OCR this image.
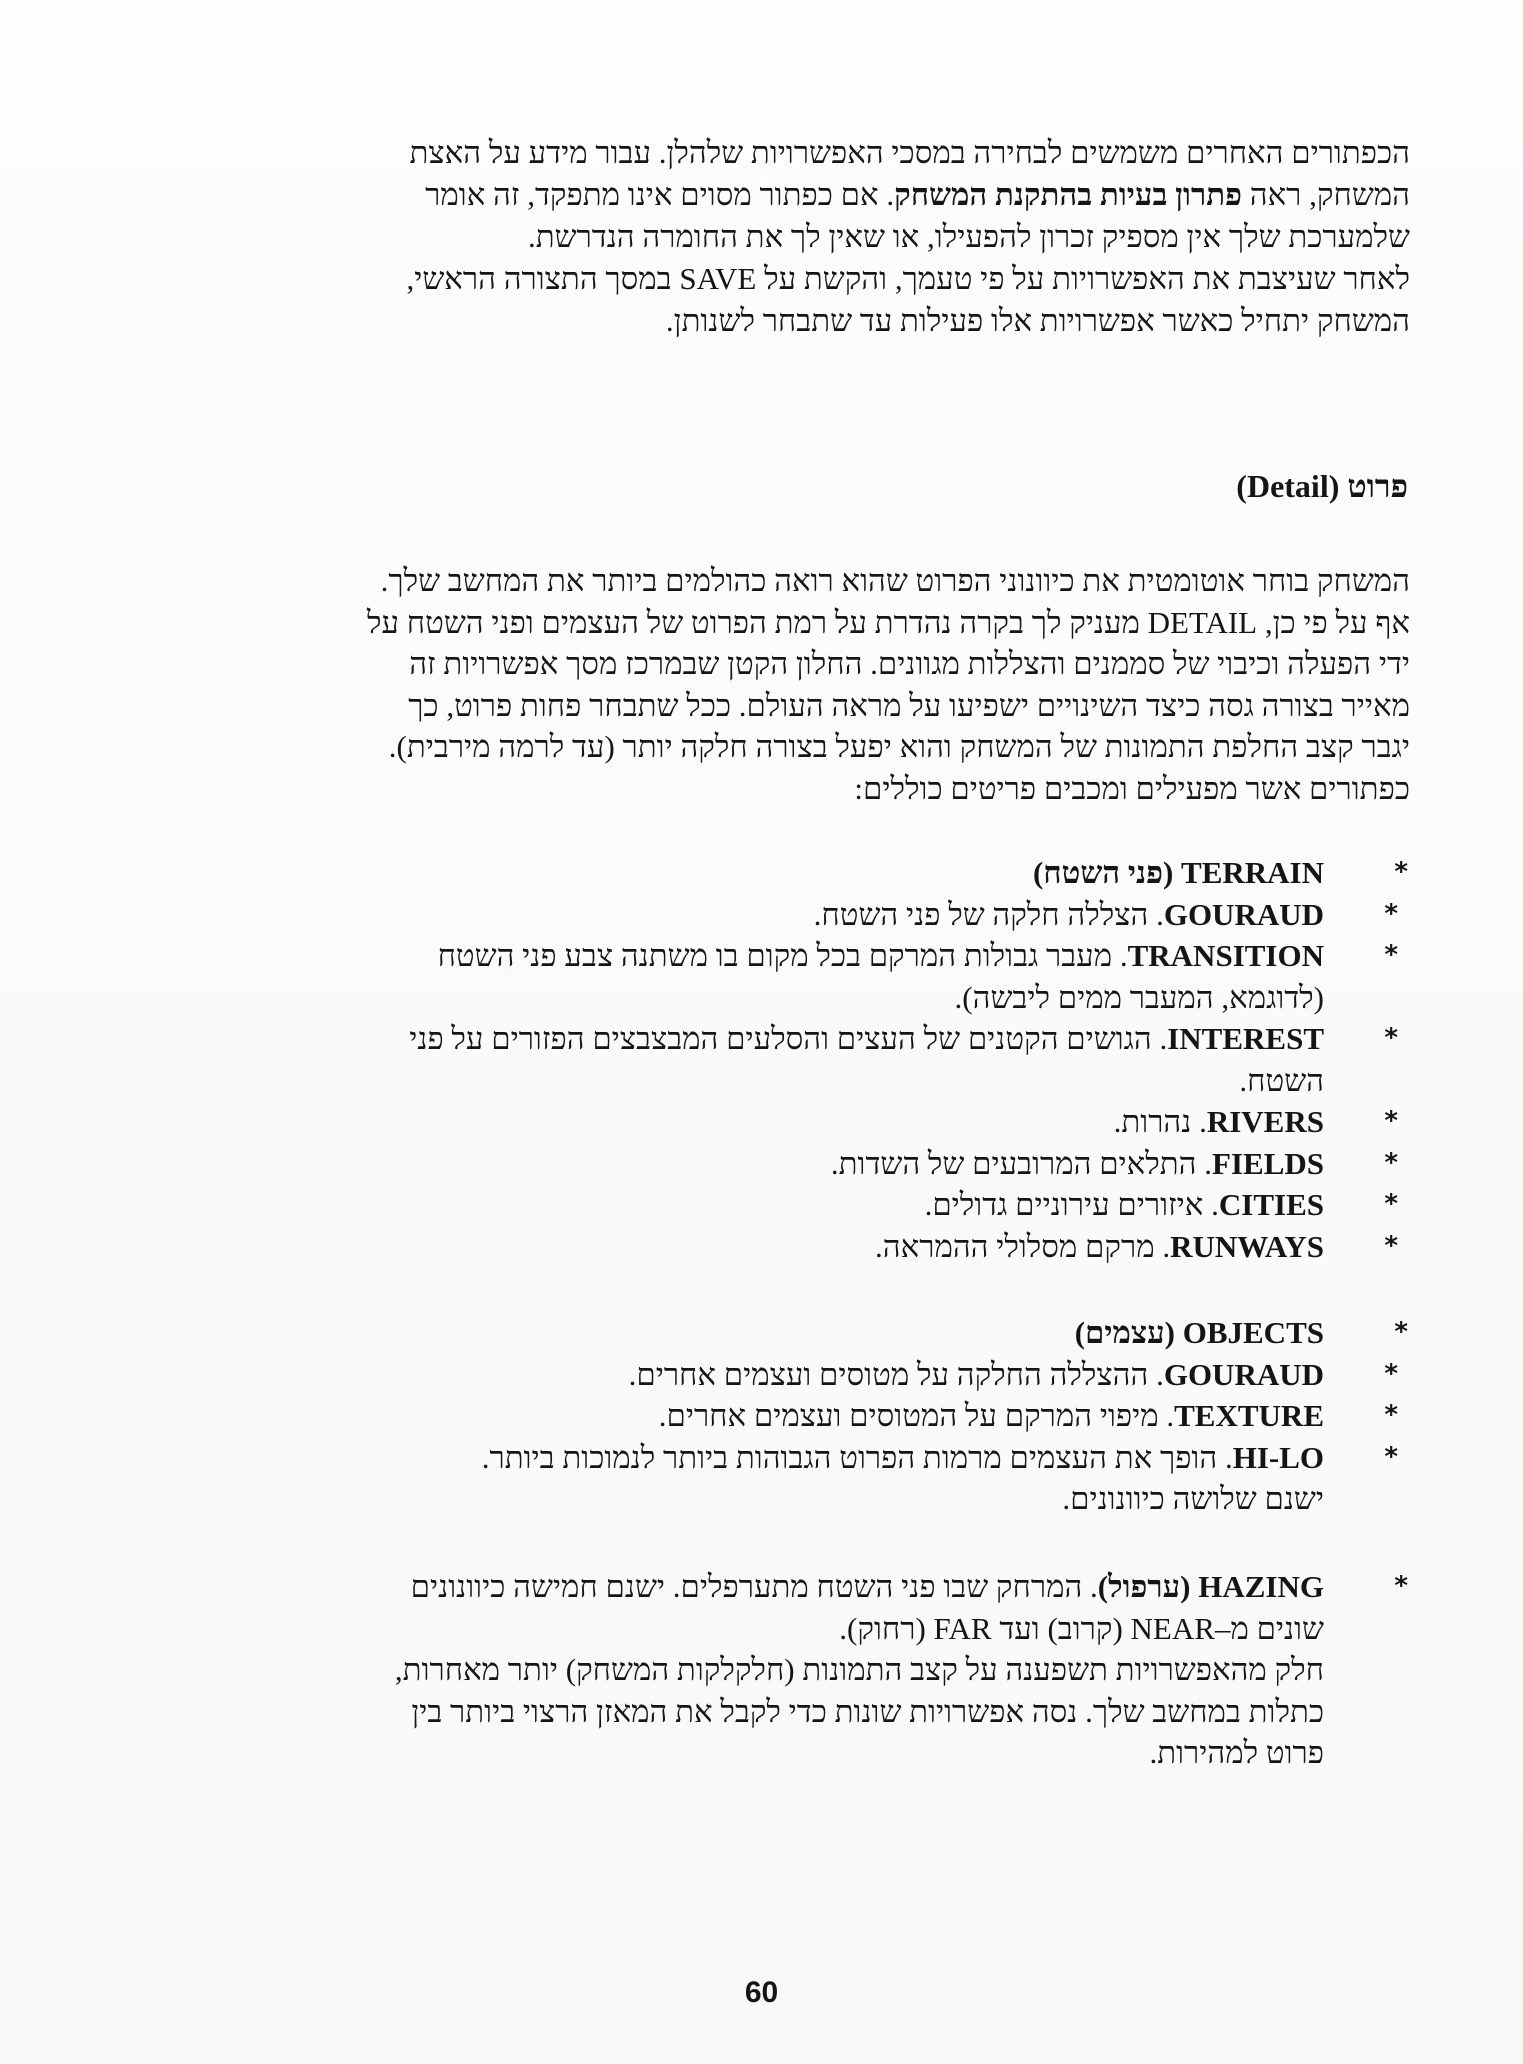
הכפתורים האחרים משמשים לבחירה במסכי האפשרויות שלהלן. עבור מידע על האצת

המשחק, ראה פתרון בעיות בהתקנת המשחק. אם כפתור מסוים אינו מתפקד, זה אומר

שלמערכת שלך אין מספיק זכרון להפעילו, או שאין לך את החומרה הנדרשת.

לאחר שעיצבת את האפשרויות על פי טעמך, והקשת על SAVE במסך התצורה הראשי,

המשחק יתחיל כאשר אפשרויות אלו פעילות עד שתבחר לשנותן.

פרוט (Detail)

המשחק בוחר אוטומטית את כיוונוני הפרוט שהוא רואה כהולמים ביותר את המחשב שלך.

אף על פי כן, DETAIL מעניק לך בקרה נהדרת על רמת הפרוט של העצמים ופני השטח על

ידי הפעלה וכיבוי של סממנים והצללות מגוונים. החלון הקטן שבמרכז מסך אפשרויות זה

מאייר בצורה גסה כיצד השינויים ישפיעו על מראה העולם. ככל שתבחר פחות פרוט, כך

יגבר קצב החלפת התמונות של המשחק והוא יפעל בצורה חלקה יותר (עד לרמה מירבית).

כפתורים אשר מפעילים ומכבים פריטים כוללים:

*
TERRAIN (פני השטח)
*
GOURAUD. הצללה חלקה של פני השטח.
*
TRANSITION. מעבר גבולות המרקם בכל מקום בו משתנה צבע פני השטח
(לדוגמא, המעבר ממים ליבשה).
*
INTEREST. הגושים הקטנים של העצים והסלעים המבצבצים הפזורים על פני
השטח.
*
RIVERS. נהרות.
*
FIELDS. התלאים המרובעים של השדות.
*
CITIES. איזורים עירוניים גדולים.
*
RUNWAYS. מרקם מסלולי ההמראה.
*
OBJECTS (עצמים)
*
GOURAUD. ההצללה החלקה על מטוסים ועצמים אחרים.
*
TEXTURE. מיפוי המרקם על המטוסים ועצמים אחרים.
*
HI-LO. הופך את העצמים מרמות הפרוט הגבוהות ביותר לנמוכות ביותר.
ישנם שלושה כיוונונים.
*
HAZING (ערפול). המרחק שבו פני השטח מתערפלים. ישנם חמישה כיוונונים
שונים מ–NEAR (קרוב) ועד FAR (רחוק).
חלק מהאפשרויות תשפענה על קצב התמונות (חלקלקות המשחק) יותר מאחרות,
כתלות במחשב שלך. נסה אפשרויות שונות כדי לקבל את המאזן הרצוי ביותר בין
פרוט למהירות.
60
